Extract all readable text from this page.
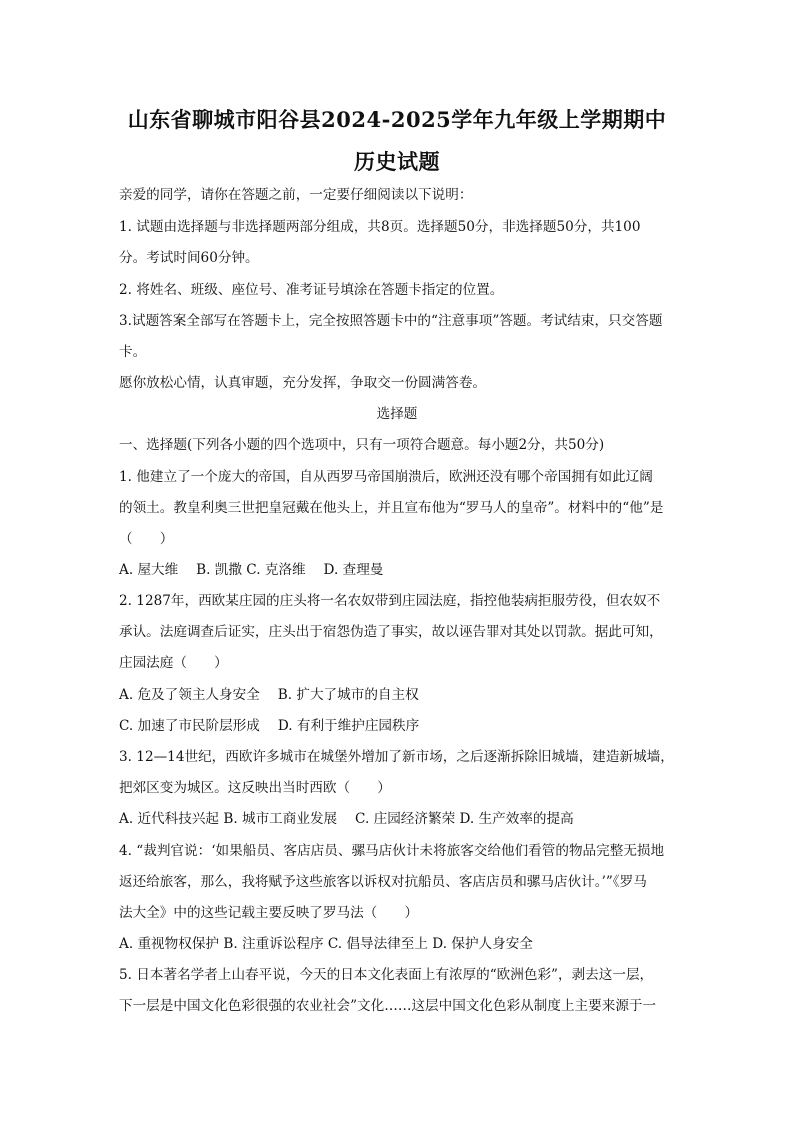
山东省聊城市阳谷县2024-2025学年九年级上学期期中
历史试题
亲爱的同学，请你在答题之前，一定要仔细阅读以下说明：
1. 试题由选择题与非选择题两部分组成，共8页。选择题50分，非选择题50分，共100
分。考试时间60分钟。
2. 将姓名、班级、座位号、准考证号填涂在答题卡指定的位置。
3.试题答案全部写在答题卡上，完全按照答题卡中的“注意事项”答题。考试结束，只交答题
卡。
愿你放松心情，认真审题，充分发挥，争取交一份圆满答卷。
选择题
一、选择题(下列各小题的四个选项中，只有一项符合题意。每小题2分，共50分)
1. 他建立了一个庞大的帝国，自从西罗马帝国崩溃后，欧洲还没有哪个帝国拥有如此辽阔
的领土。教皇利奥三世把皇冠戴在他头上，并且宣布他为“罗马人的皇帝”。材料中的“他”是
（　　）
A. 屋大维　 B. 凯撒 C. 克洛维　 D. 查理曼
2. 1287年，西欧某庄园的庄头将一名农奴带到庄园法庭，指控他装病拒服劳役，但农奴不
承认。法庭调查后证实，庄头出于宿怨伪造了事实，故以诬告罪对其处以罚款。据此可知，
庄园法庭（　　）
A. 危及了领主人身安全　 B. 扩大了城市的自主权
C. 加速了市民阶层形成　 D. 有利于维护庄园秩序
3. 12—14世纪，西欧许多城市在城堡外增加了新市场，之后逐渐拆除旧城墙，建造新城墙，
把郊区变为城区。这反映出当时西欧（　　）
A. 近代科技兴起 B. 城市工商业发展　 C. 庄园经济繁荣 D. 生产效率的提高
4. “裁判官说：‘如果船员、客店店员、骡马店伙计未将旅客交给他们看管的物品完整无损地
返还给旅客，那么，我将赋予这些旅客以诉权对抗船员、客店店员和骡马店伙计。’”《罗马
法大全》中的这些记载主要反映了罗马法（　　）
A. 重视物权保护 B. 注重诉讼程序 C. 倡导法律至上 D. 保护人身安全
5. 日本著名学者上山春平说，今天的日本文化表面上有浓厚的“欧洲色彩”，剥去这一层，
下一层是中国文化色彩很强的农业社会”文化……这层中国文化色彩从制度上主要来源于一
